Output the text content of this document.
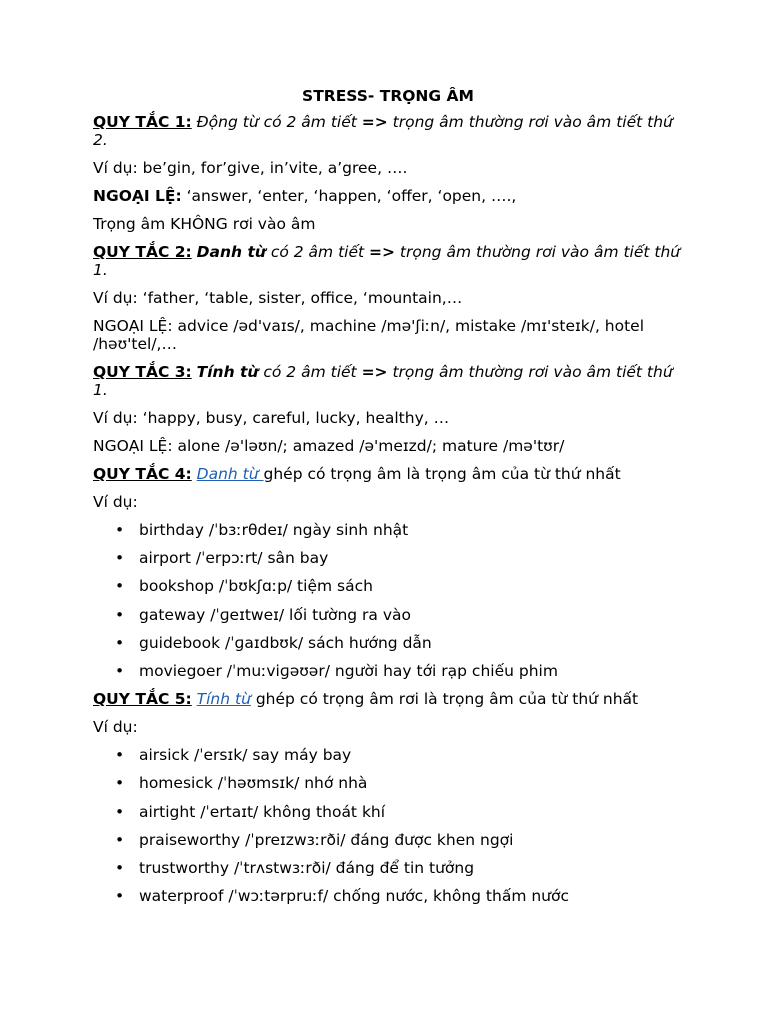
STRESS- TRỌNG ÂM

QUY TẮC 1: Động từ có 2 âm tiết => trọng âm thường rơi vào âm tiết thứ 2.

Ví dụ: be’gin, for’give, in’vite, a’gree, ….

NGOẠI LỆ: ‘answer, ‘enter, ‘happen, ‘offer, ‘open, ….,

Trọng âm KHÔNG rơi vào âm

QUY TẮC 2: Danh từ có 2 âm tiết => trọng âm thường rơi vào âm tiết thứ 1.

Ví dụ: ‘father, ‘table, sister, office, ‘mountain,…

NGOẠI LỆ: advice /əd'vaɪs/, machine /mə'ʃiːn/, mistake /mɪ'steɪk/, hotel /həʊ'tel/,…

QUY TẮC 3: Tính từ có 2 âm tiết => trọng âm thường rơi vào âm tiết thứ 1.

Ví dụ: ‘happy, busy, careful, lucky, healthy, …

NGOẠI LỆ: alone /ə'ləʊn/; amazed /ə'meɪzd/; mature /mə'tʊr/

QUY TẮC 4: Danh từ ghép có trọng âm là trọng âm của từ thứ nhất

Ví dụ:

• birthday /ˈbɜːrθdeɪ/ ngày sinh nhật
• airport /ˈerpɔːrt/ sân bay
• bookshop /ˈbʊkʃɑːp/ tiệm sách
• gateway /ˈɡeɪtweɪ/ lối tường ra vào
• guidebook /ˈɡaɪdbʊk/ sách hướng dẫn
• moviegoer /ˈmuːviɡəʊər/ người hay tới rạp chiếu phim

QUY TẮC 5: Tính từ ghép có trọng âm rơi là trọng âm của từ thứ nhất

Ví dụ:

• airsick /ˈersɪk/ say máy bay
• homesick /ˈhəʊmsɪk/ nhớ nhà
• airtight /ˈertaɪt/ không thoát khí
• praiseworthy /ˈpreɪzwɜːrði/ đáng được khen ngợi
• trustworthy /ˈtrʌstwɜːrði/ đáng để tin tưởng
• waterproof /ˈwɔːtərpruːf/ chống nước, không thấm nước
